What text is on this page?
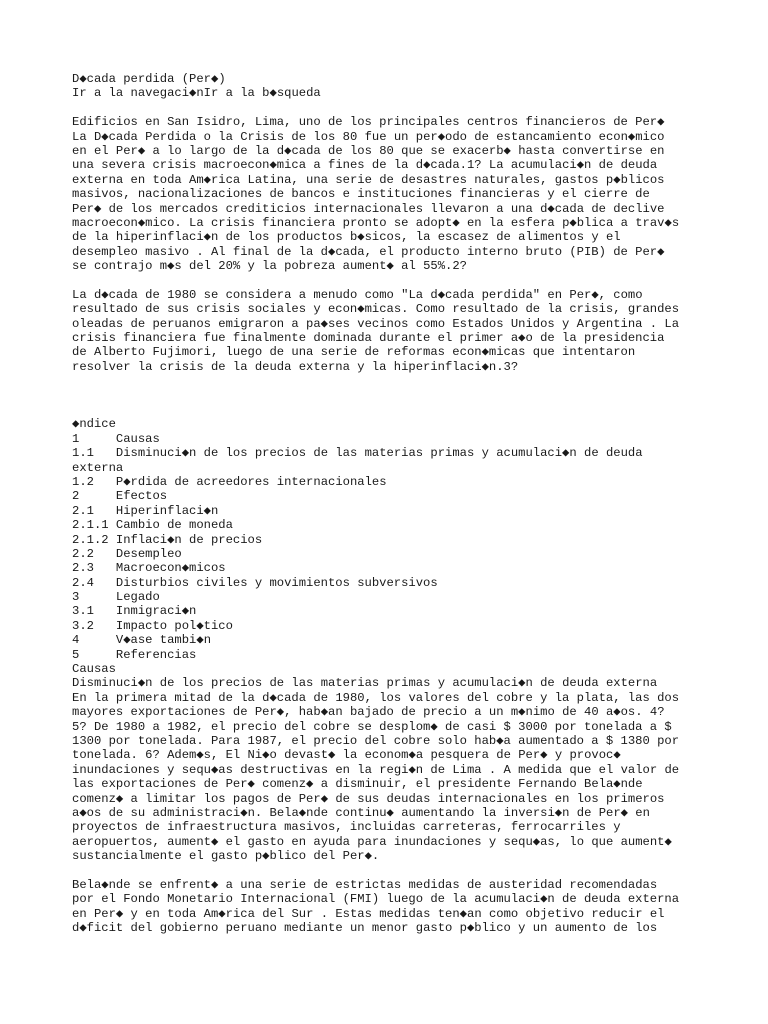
D◆cada perdida (Per◆)
Ir a la navegaci◆nIr a la b◆squeda
Edificios en San Isidro, Lima, uno de los principales centros financieros de Per◆
La D◆cada Perdida o la Crisis de los 80 fue un per◆odo de estancamiento econ◆mico
en el Per◆ a lo largo de la d◆cada de los 80 que se exacerb◆ hasta convertirse en
una severa crisis macroecon◆mica a fines de la d◆cada.1? La acumulaci◆n de deuda
externa en toda Am◆rica Latina, una serie de desastres naturales, gastos p◆blicos
masivos, nacionalizaciones de bancos e instituciones financieras y el cierre de
Per◆ de los mercados crediticios internacionales llevaron a una d◆cada de declive
macroecon◆mico. La crisis financiera pronto se adopt◆ en la esfera p◆blica a trav◆s
de la hiperinflaci◆n de los productos b◆sicos, la escasez de alimentos y el
desempleo masivo . Al final de la d◆cada, el producto interno bruto (PIB) de Per◆
se contrajo m◆s del 20% y la pobreza aument◆ al 55%.2?
La d◆cada de 1980 se considera a menudo como "La d◆cada perdida" en Per◆, como
resultado de sus crisis sociales y econ◆micas. Como resultado de la crisis, grandes
oleadas de peruanos emigraron a pa◆ses vecinos como Estados Unidos y Argentina . La
crisis financiera fue finalmente dominada durante el primer a◆o de la presidencia
de Alberto Fujimori, luego de una serie de reformas econ◆micas que intentaron
resolver la crisis de la deuda externa y la hiperinflaci◆n.3?
◆ndice
1     Causas
1.1   Disminuci◆n de los precios de las materias primas y acumulaci◆n de deuda
externa
1.2   P◆rdida de acreedores internacionales
2     Efectos
2.1   Hiperinflaci◆n
2.1.1 Cambio de moneda
2.1.2 Inflaci◆n de precios
2.2   Desempleo
2.3   Macroecon◆micos
2.4   Disturbios civiles y movimientos subversivos
3     Legado
3.1   Inmigraci◆n
3.2   Impacto pol◆tico
4     V◆ase tambi◆n
5     Referencias
Causas
Disminuci◆n de los precios de las materias primas y acumulaci◆n de deuda externa
En la primera mitad de la d◆cada de 1980, los valores del cobre y la plata, las dos
mayores exportaciones de Per◆, hab◆an bajado de precio a un m◆nimo de 40 a◆os. 4?
5? De 1980 a 1982, el precio del cobre se desplom◆ de casi $ 3000 por tonelada a $
1300 por tonelada. Para 1987, el precio del cobre solo hab◆a aumentado a $ 1380 por
tonelada. 6? Adem◆s, El Ni◆o devast◆ la econom◆a pesquera de Per◆ y provoc◆
inundaciones y sequ◆as destructivas en la regi◆n de Lima . A medida que el valor de
las exportaciones de Per◆ comenz◆ a disminuir, el presidente Fernando Bela◆nde
comenz◆ a limitar los pagos de Per◆ de sus deudas internacionales en los primeros
a◆os de su administraci◆n. Bela◆nde continu◆ aumentando la inversi◆n de Per◆ en
proyectos de infraestructura masivos, incluidas carreteras, ferrocarriles y
aeropuertos, aument◆ el gasto en ayuda para inundaciones y sequ◆as, lo que aument◆
sustancialmente el gasto p◆blico del Per◆.
Bela◆nde se enfrent◆ a una serie de estrictas medidas de austeridad recomendadas
por el Fondo Monetario Internacional (FMI) luego de la acumulaci◆n de deuda externa
en Per◆ y en toda Am◆rica del Sur . Estas medidas ten◆an como objetivo reducir el
d◆ficit del gobierno peruano mediante un menor gasto p◆blico y un aumento de los
